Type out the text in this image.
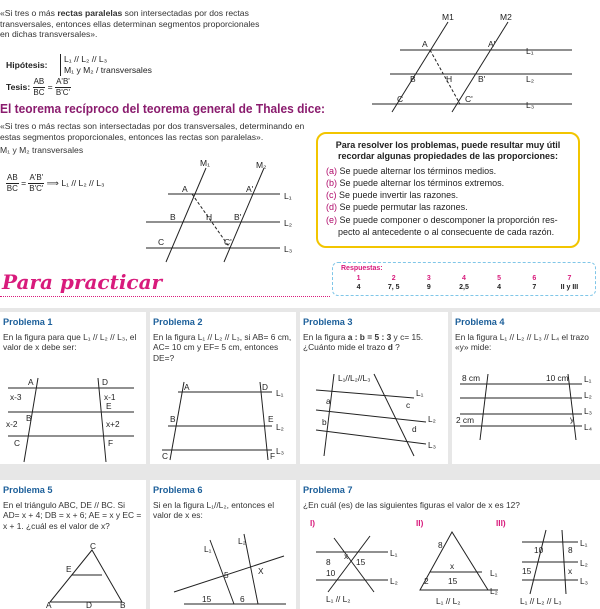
«Si tres o más rectas paralelas son intersectadas por dos rectas
transversales, entonces ellas determinan segmentos proporcionales
en dichas transversales».
Hipótesis:
L₁ // L₂ // L₃
M₁ y M₂ / transversales
Tesis: $\frac{AB}{BC} = \frac{A'B'}{B'C'}$
M1	M2
A	A'
B	H	B'
C	C'
L₁
L₂
L₃
El teorema recíproco del teorema general de Thales dice:
«Si tres o más rectas son intersectadas por dos transversales, determinando en
estas segmentos proporcionales, entonces las rectas son paralelas».
M₁ y M₂ transversales
$\frac{AB}{BC} = \frac{A'B'}{B'C'}$ ⟹ L₁ // L₂ // L₃
M₁	M₂
A	A'
B	H	B'
C	C'
L₁
L₂
L₃
Para resolver los problemas, puede resultar muy útil
recordar algunas propiedades de las proporciones:
(a) Se puede alternar los términos medios.
(b) Se puede alternar los términos extremos.
(c) Se puede invertir las razones.
(d) Se puede permutar las razones.
(e) Se puede componer o descomponer la proporción res-
pecto al antecedente o al consecuente de cada razón.
Para practicar
Respuestas:
1	2	3	4	5	6	7
4	7, 5	9	2,5	4	7	II y III
Problema 1
En la figura para que L₁ // L₂ // L₃, el valor de x debe ser:
A	D
x-3	x-1
B
E
x-2	x+2
C	F
Problema 2
En la figura L₁ // L₂ // L₃, si AB= 6 cm, AC= 10 cm y EF= 5 cm, entonces DE=?
A	D
B	E
C	F
L₁
L₂
L₃
Problema 3
En la figura a : b = 5 : 3 y c= 15. ¿Cuánto mide el trazo d ?
L₁//L₂//L₃
a
b
c
d
L₁
L₂
L₃
Problema 4
En la figura L₁ // L₂ // L₃ // L₄ el trazo «y» mide:
8 cm	10 cm
2 cm	y
L₁
L₂
L₃
L₄
Problema 5
En el triángulo ABC, DE // BC. Si AD= x + 4; DB = x + 6; AE = x y EC = x + 1. ¿cuál es el valor de x?
C
E
A	D	B
Problema 6
Si en la figura L₁//L₂, entonces el valor de x es:
L₁
L₂
5	X
15	6
Problema 7
¿En cuál (es) de las siguientes figuras el valor de x es 12?
I)
8	15
x
10
L₁
L₂
L₁ // L₂
II)
8
x
2 15
L₁
L₂
L₁ // L₂
III)
10	8
15	x
L₁
L₂
L₃
L₁ // L₂ // L₃
